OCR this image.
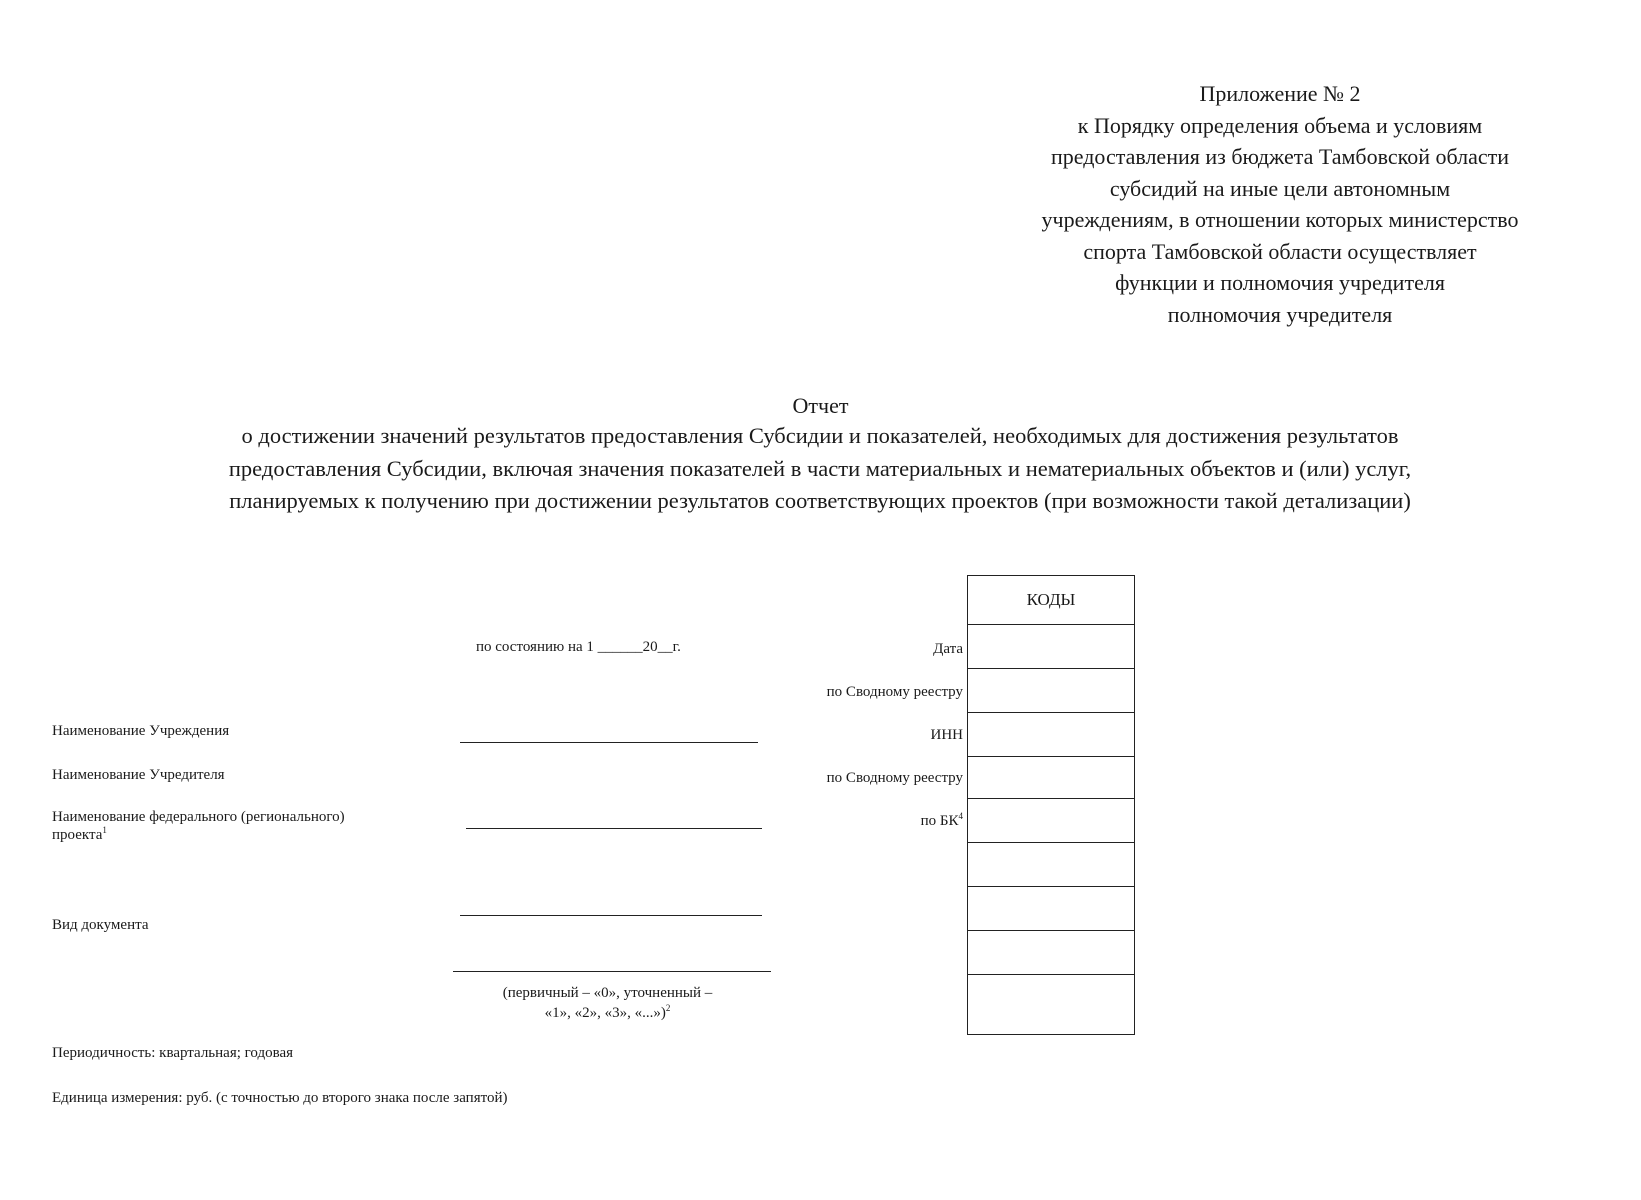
Приложение № 2
к Порядку определения объема и условиям
предоставления из бюджета Тамбовской области
субсидий на иные цели автономным
учреждениям, в отношении которых министерство
спорта Тамбовской области осуществляет
функции и полномочия учредителя
полномочия учредителя
Отчет
о достижении значений результатов предоставления Субсидии и показателей, необходимых для достижения результатов
предоставления Субсидии, включая значения показателей в части материальных и нематериальных объектов и (или) услуг,
планируемых к получению при достижении результатов соответствующих проектов (при возможности такой детализации)
по состоянию на 1 ______20__г.
Наименование Учреждения
Наименование Учредителя
Наименование федерального (регионального)
проекта$^1$
Вид документа
(первичный – «0», уточненный –
«1», «2», «3», «...»)$^2$
Периодичность: квартальная; годовая
Единица измерения: руб. (с точностью до второго знака после запятой)
Дата
по Сводному реестру
ИНН
по Сводному реестру
по $БК^4$
КОДЫ
